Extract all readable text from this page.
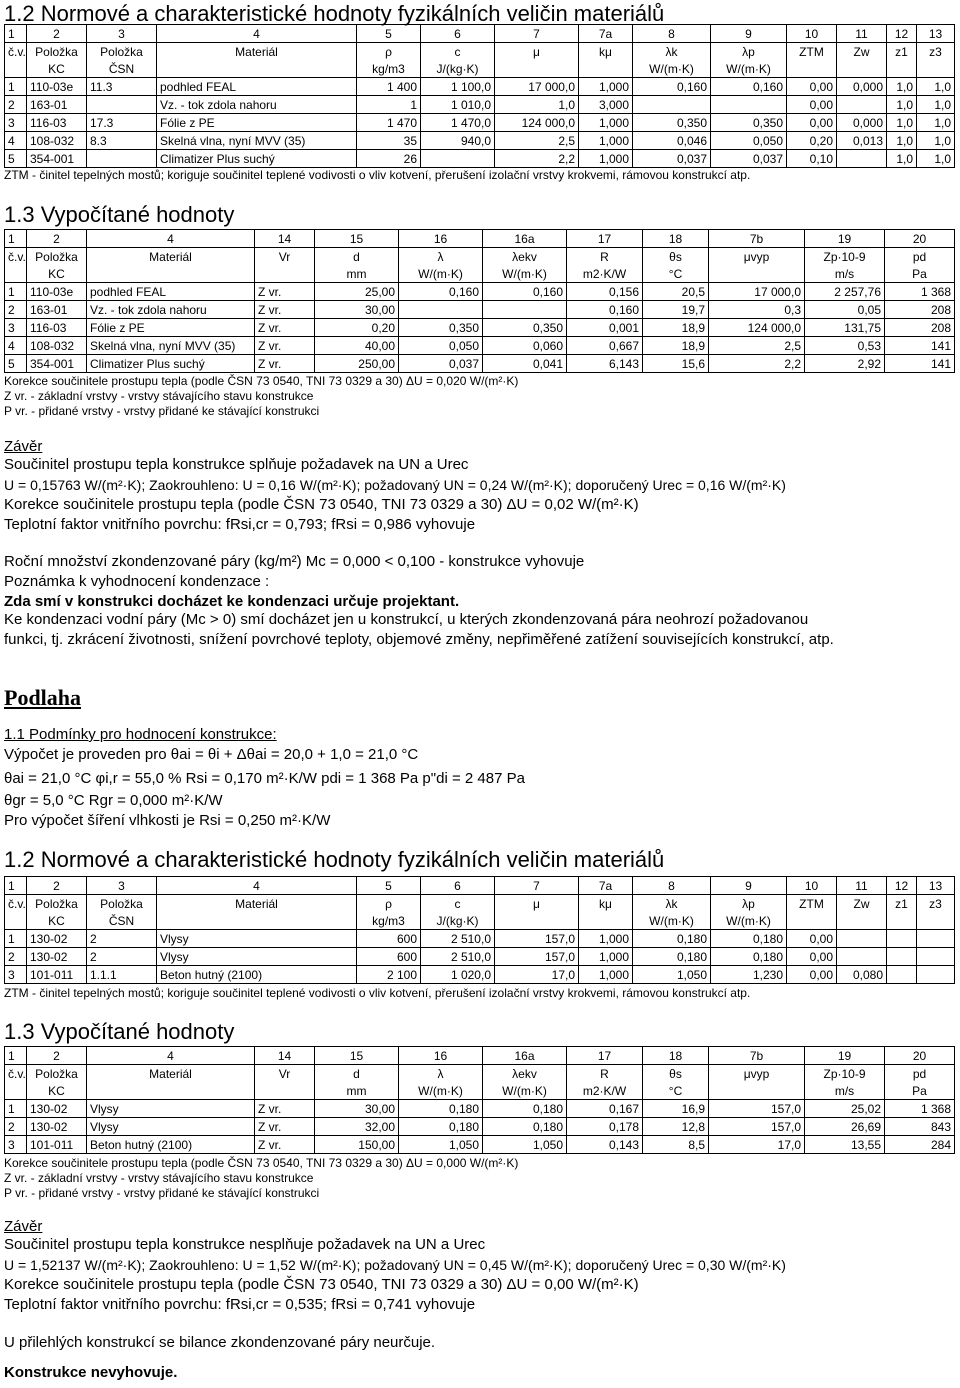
1.2 Normové a charakteristické hodnoty fyzikálních veličin materiálů
1	2	3	4	5	6	7	7a	8	9	10	11	12	13
č.v.	Položka	Položka	Materiál	ρ	c	μ	kμ	λk	λp	ZTM	Zw	z1	z3
	KC	ČSN		kg/m3	J/(kg·K)			W/(m·K)	W/(m·K)				
1	110-03e	11.3	podhled FEAL	1 400	1 100,0	17 000,0	1,000	0,160	0,160	0,00	0,000	1,0	1,0
2	163-01		Vz. - tok zdola nahoru	1	1 010,0	1,0	3,000			0,00		1,0	1,0
3	116-03	17.3	Fólie z PE	1 470	1 470,0	124 000,0	1,000	0,350	0,350	0,00	0,000	1,0	1,0
4	108-032	8.3	Skelná vlna, nyní MVV (35)	35	940,0	2,5	1,000	0,046	0,050	0,20	0,013	1,0	1,0
5	354-001		Climatizer Plus suchý	26		2,2	1,000	0,037	0,037	0,10		1,0	1,0
ZTM - činitel tepelných mostů; koriguje součinitel teplené vodivosti o vliv kotvení, přerušení izolační vrstvy krokvemi, rámovou konstrukcí atp.
1.3 Vypočítané hodnoty
1	2	4	14	15	16	16a	17	18	7b	19	20
č.v.	Položka	Materiál	Vr	d	λ	λekv	R	θs	μvyp	Zp·10-9	pd
	KC			mm	W/(m·K)	W/(m·K)	m2·K/W	°C		m/s	Pa
1	110-03e	podhled FEAL	Z vr.	25,00	0,160	0,160	0,156	20,5	17 000,0	2 257,76	1 368
2	163-01	Vz. - tok zdola nahoru	Z vr.	30,00			0,160	19,7	0,3	0,05	208
3	116-03	Fólie z PE	Z vr.	0,20	0,350	0,350	0,001	18,9	124 000,0	131,75	208
4	108-032	Skelná vlna, nyní MVV (35)	Z vr.	40,00	0,050	0,060	0,667	18,9	2,5	0,53	141
5	354-001	Climatizer Plus suchý	Z vr.	250,00	0,037	0,041	6,143	15,6	2,2	2,92	141
Korekce součinitele prostupu tepla (podle ČSN 73 0540, TNI 73 0329 a 30) ΔU = 0,020 W/(m²·K)
Z vr. - základní vrstvy - vrstvy stávajícího stavu konstrukce
P vr. - přidané vrstvy - vrstvy přidané ke stávající konstrukci
Závěr
Součinitel prostupu tepla konstrukce splňuje požadavek na UN a Urec
U = 0,15763 W/(m²·K); Zaokrouhleno: U = 0,16 W/(m²·K); požadovaný UN = 0,24 W/(m²·K); doporučený Urec = 0,16 W/(m²·K)
Korekce součinitele prostupu tepla (podle ČSN 73 0540, TNI 73 0329 a 30) ΔU = 0,02 W/(m²·K)
Teplotní faktor vnitřního povrchu: fRsi,cr = 0,793; fRsi = 0,986 vyhovuje
Roční množství zkondenzované páry (kg/m²) Mc = 0,000 < 0,100 - konstrukce vyhovuje
Poznámka k vyhodnocení kondenzace :
Zda smí v konstrukci docházet ke kondenzaci určuje projektant.
Ke kondenzaci vodní páry (Mc > 0) smí docházet jen u konstrukcí, u kterých zkondenzovaná pára neohrozí požadovanou
funkci, tj. zkrácení životnosti, snížení povrchové teploty, objemové změny, nepřiměřené zatížení souvisejících konstrukcí, atp.
Podlaha
1.1 Podmínky pro hodnocení konstrukce:
Výpočet je proveden pro θai = θi + Δθai = 20,0 + 1,0 = 21,0 °C
θai = 21,0 °C φi,r = 55,0 % Rsi = 0,170 m²·K/W pdi = 1 368 Pa p"di = 2 487 Pa
θgr = 5,0 °C Rgr = 0,000 m²·K/W
Pro výpočet šíření vlhkosti je Rsi = 0,250 m²·K/W
1.2 Normové a charakteristické hodnoty fyzikálních veličin materiálů
1	2	3	4	5	6	7	7a	8	9	10	11	12	13
č.v.	Položka	Položka	Materiál	ρ	c	μ	kμ	λk	λp	ZTM	Zw	z1	z3
	KC	ČSN		kg/m3	J/(kg·K)			W/(m·K)	W/(m·K)				
1	130-02	2	Vlysy	600	2 510,0	157,0	1,000	0,180	0,180	0,00			
2	130-02	2	Vlysy	600	2 510,0	157,0	1,000	0,180	0,180	0,00			
3	101-011	1.1.1	Beton hutný (2100)	2 100	1 020,0	17,0	1,000	1,050	1,230	0,00	0,080		
ZTM - činitel tepelných mostů; koriguje součinitel teplené vodivosti o vliv kotvení, přerušení izolační vrstvy krokvemi, rámovou konstrukcí atp.
1.3 Vypočítané hodnoty
1	2	4	14	15	16	16a	17	18	7b	19	20
č.v.	Položka	Materiál	Vr	d	λ	λekv	R	θs	μvyp	Zp·10-9	pd
	KC			mm	W/(m·K)	W/(m·K)	m2·K/W	°C		m/s	Pa
1	130-02	Vlysy	Z vr.	30,00	0,180	0,180	0,167	16,9	157,0	25,02	1 368
2	130-02	Vlysy	Z vr.	32,00	0,180	0,180	0,178	12,8	157,0	26,69	843
3	101-011	Beton hutný (2100)	Z vr.	150,00	1,050	1,050	0,143	8,5	17,0	13,55	284
Korekce součinitele prostupu tepla (podle ČSN 73 0540, TNI 73 0329 a 30) ΔU = 0,000 W/(m²·K)
Z vr. - základní vrstvy - vrstvy stávajícího stavu konstrukce
P vr. - přidané vrstvy - vrstvy přidané ke stávající konstrukci
Závěr
Součinitel prostupu tepla konstrukce nesplňuje požadavek na UN a Urec
U = 1,52137 W/(m²·K); Zaokrouhleno: U = 1,52 W/(m²·K); požadovaný UN = 0,45 W/(m²·K); doporučený Urec = 0,30 W/(m²·K)
Korekce součinitele prostupu tepla (podle ČSN 73 0540, TNI 73 0329 a 30) ΔU = 0,00 W/(m²·K)
Teplotní faktor vnitřního povrchu: fRsi,cr = 0,535; fRsi = 0,741 vyhovuje
U přilehlých konstrukcí se bilance zkondenzované páry neurčuje.
Konstrukce nevyhovuje.
